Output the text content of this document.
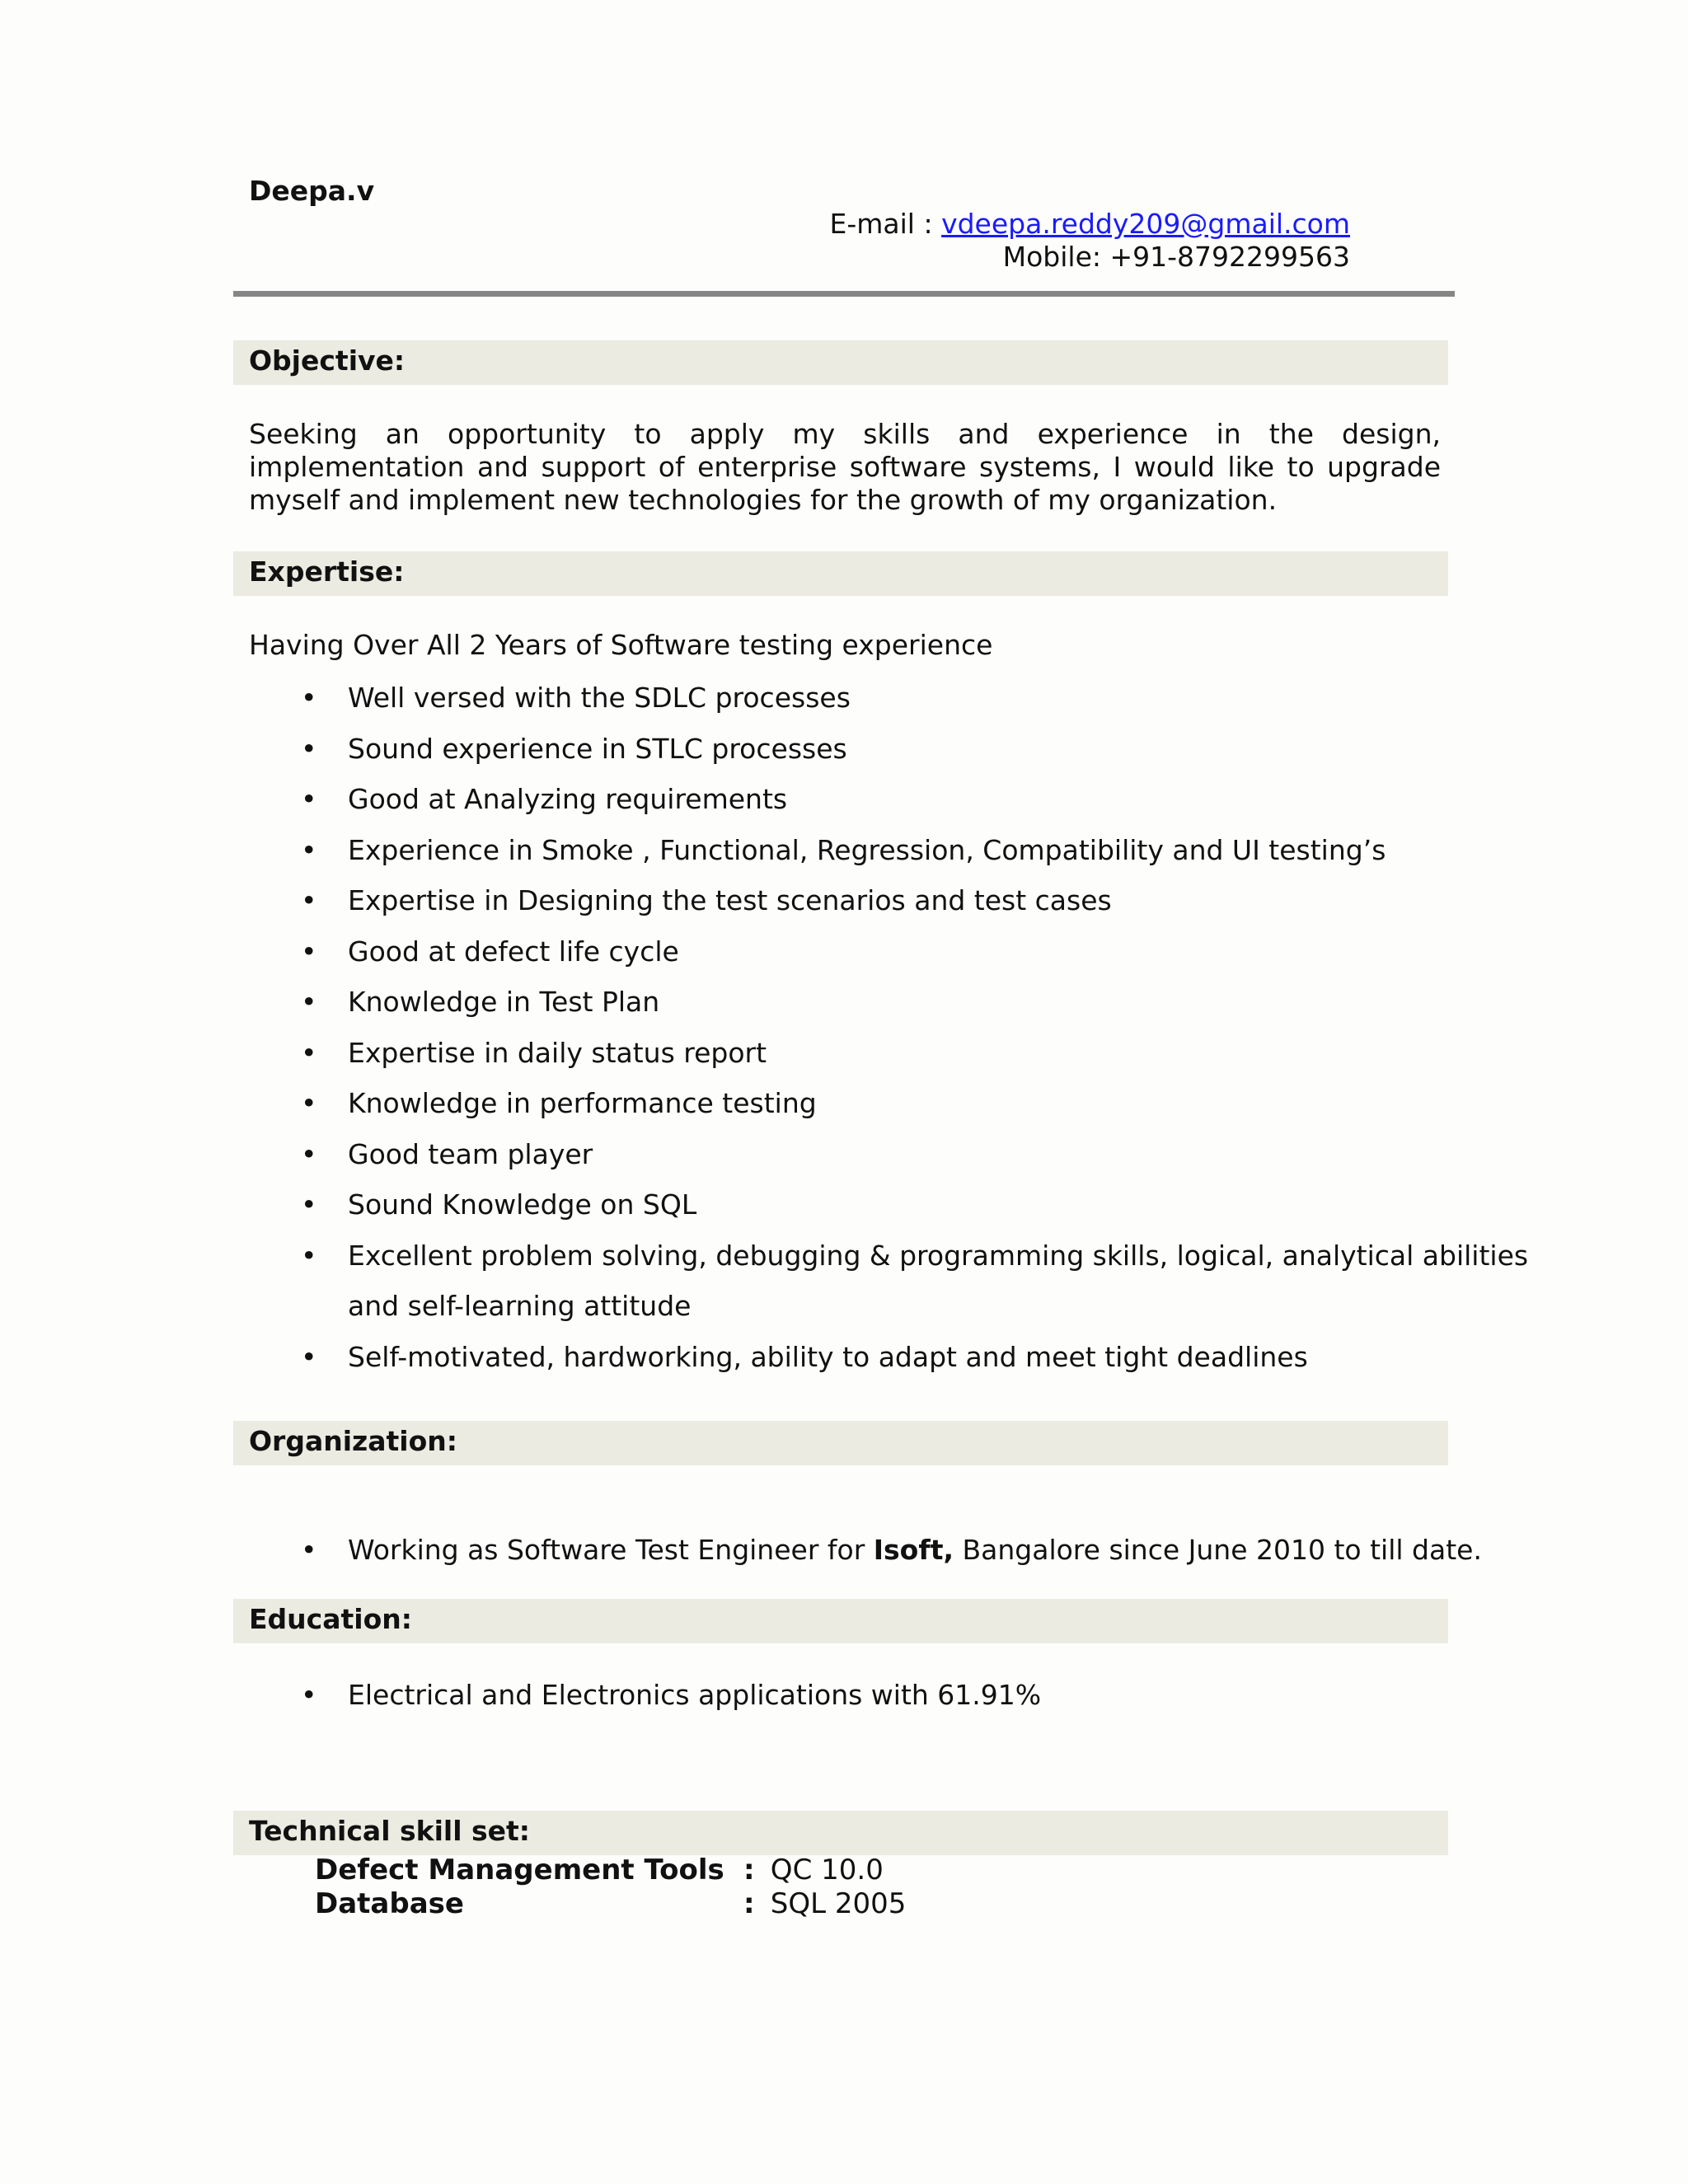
Deepa.v
E-mail : vdeepa.reddy209@gmail.com
Mobile: +91-8792299563
Objective:
Seeking an opportunity to apply my skills and experience in the design, implementation and support of enterprise software systems, I would like to upgrade myself and implement new technologies for the growth of my organization.
Expertise:
Having Over All 2 Years of Software testing experience
• Well versed with the SDLC processes
• Sound experience in STLC processes
• Good at Analyzing requirements
• Experience in Smoke , Functional, Regression, Compatibility and UI testing’s
• Expertise in Designing the test scenarios and test cases
• Good at defect life cycle
• Knowledge in Test Plan
• Expertise in daily status report
• Knowledge in performance testing
• Good team player
• Sound Knowledge on SQL
• Excellent problem solving, debugging & programming skills, logical, analytical abilities
and self-learning attitude
• Self-motivated, hardworking, ability to adapt and meet tight deadlines
Organization:
• Working as Software Test Engineer for Isoft, Bangalore since June 2010 to till date.
Education:
• Electrical and Electronics applications with 61.91%
Technical skill set:
Defect Management Tools : QC 10.0
Database	: SQL 2005
